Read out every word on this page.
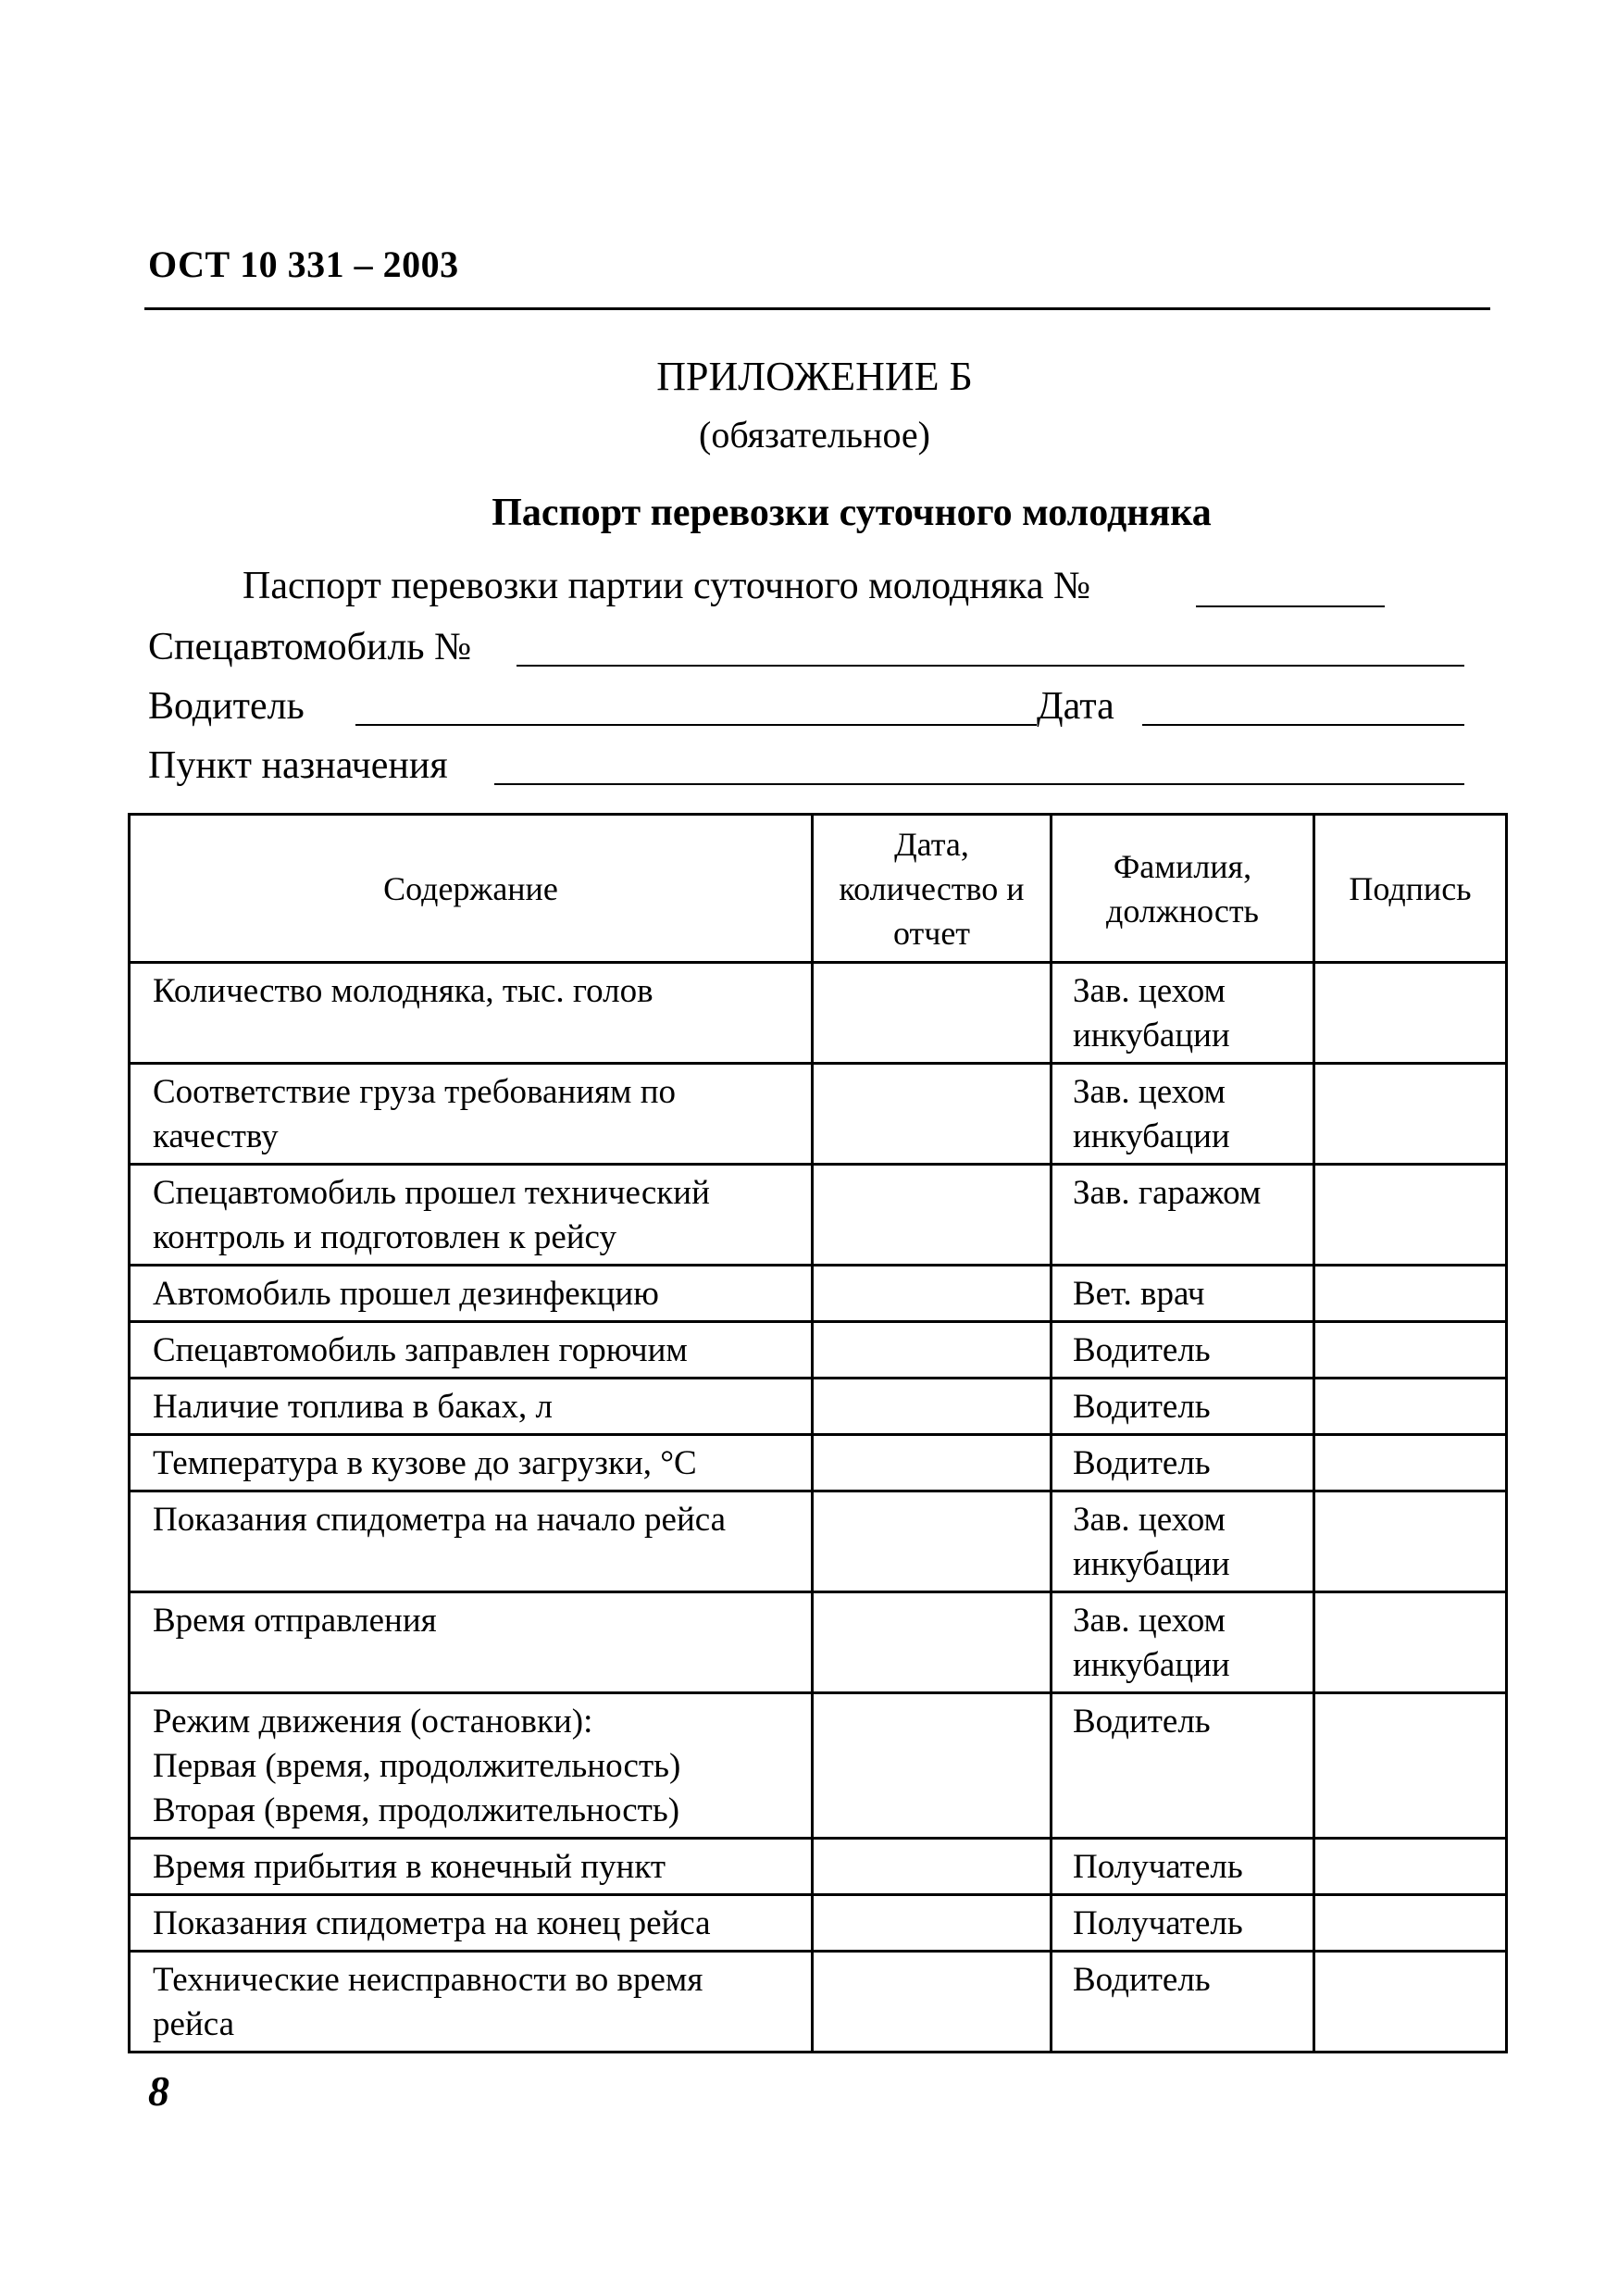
ОСТ 10 331 – 2003
ПРИЛОЖЕНИЕ Б
(обязательное)
Паспорт перевозки суточного молодняка
Паспорт перевозки партии суточного молодняка №
Спецавтомобиль №
Водитель	Дата
Пункт назначения
Содержание	Дата, количество и отчет	Фамилия, должность	Подпись
Количество молодняка, тыс. голов		Зав. цехом инкубации	
Соответствие груза требованиям по качеству		Зав. цехом инкубации	
Спецавтомобиль прошел технический контроль и подготовлен к рейсу		Зав. гаражом	
Автомобиль прошел дезинфекцию		Вет. врач	
Спецавтомобиль заправлен горючим		Водитель	
Наличие топлива в баках, л		Водитель	
Температура в кузове до загрузки, °С		Водитель	
Показания спидометра на начало рейса		Зав. цехом инкубации	
Время отправления		Зав. цехом инкубации	
Режим движения (остановки):
Первая (время, продолжительность)
Вторая (время, продолжительность)		Водитель	
Время прибытия в конечный пункт		Получатель	
Показания спидометра на конец рейса		Получатель	
Технические неисправности во время рейса		Водитель	
8
